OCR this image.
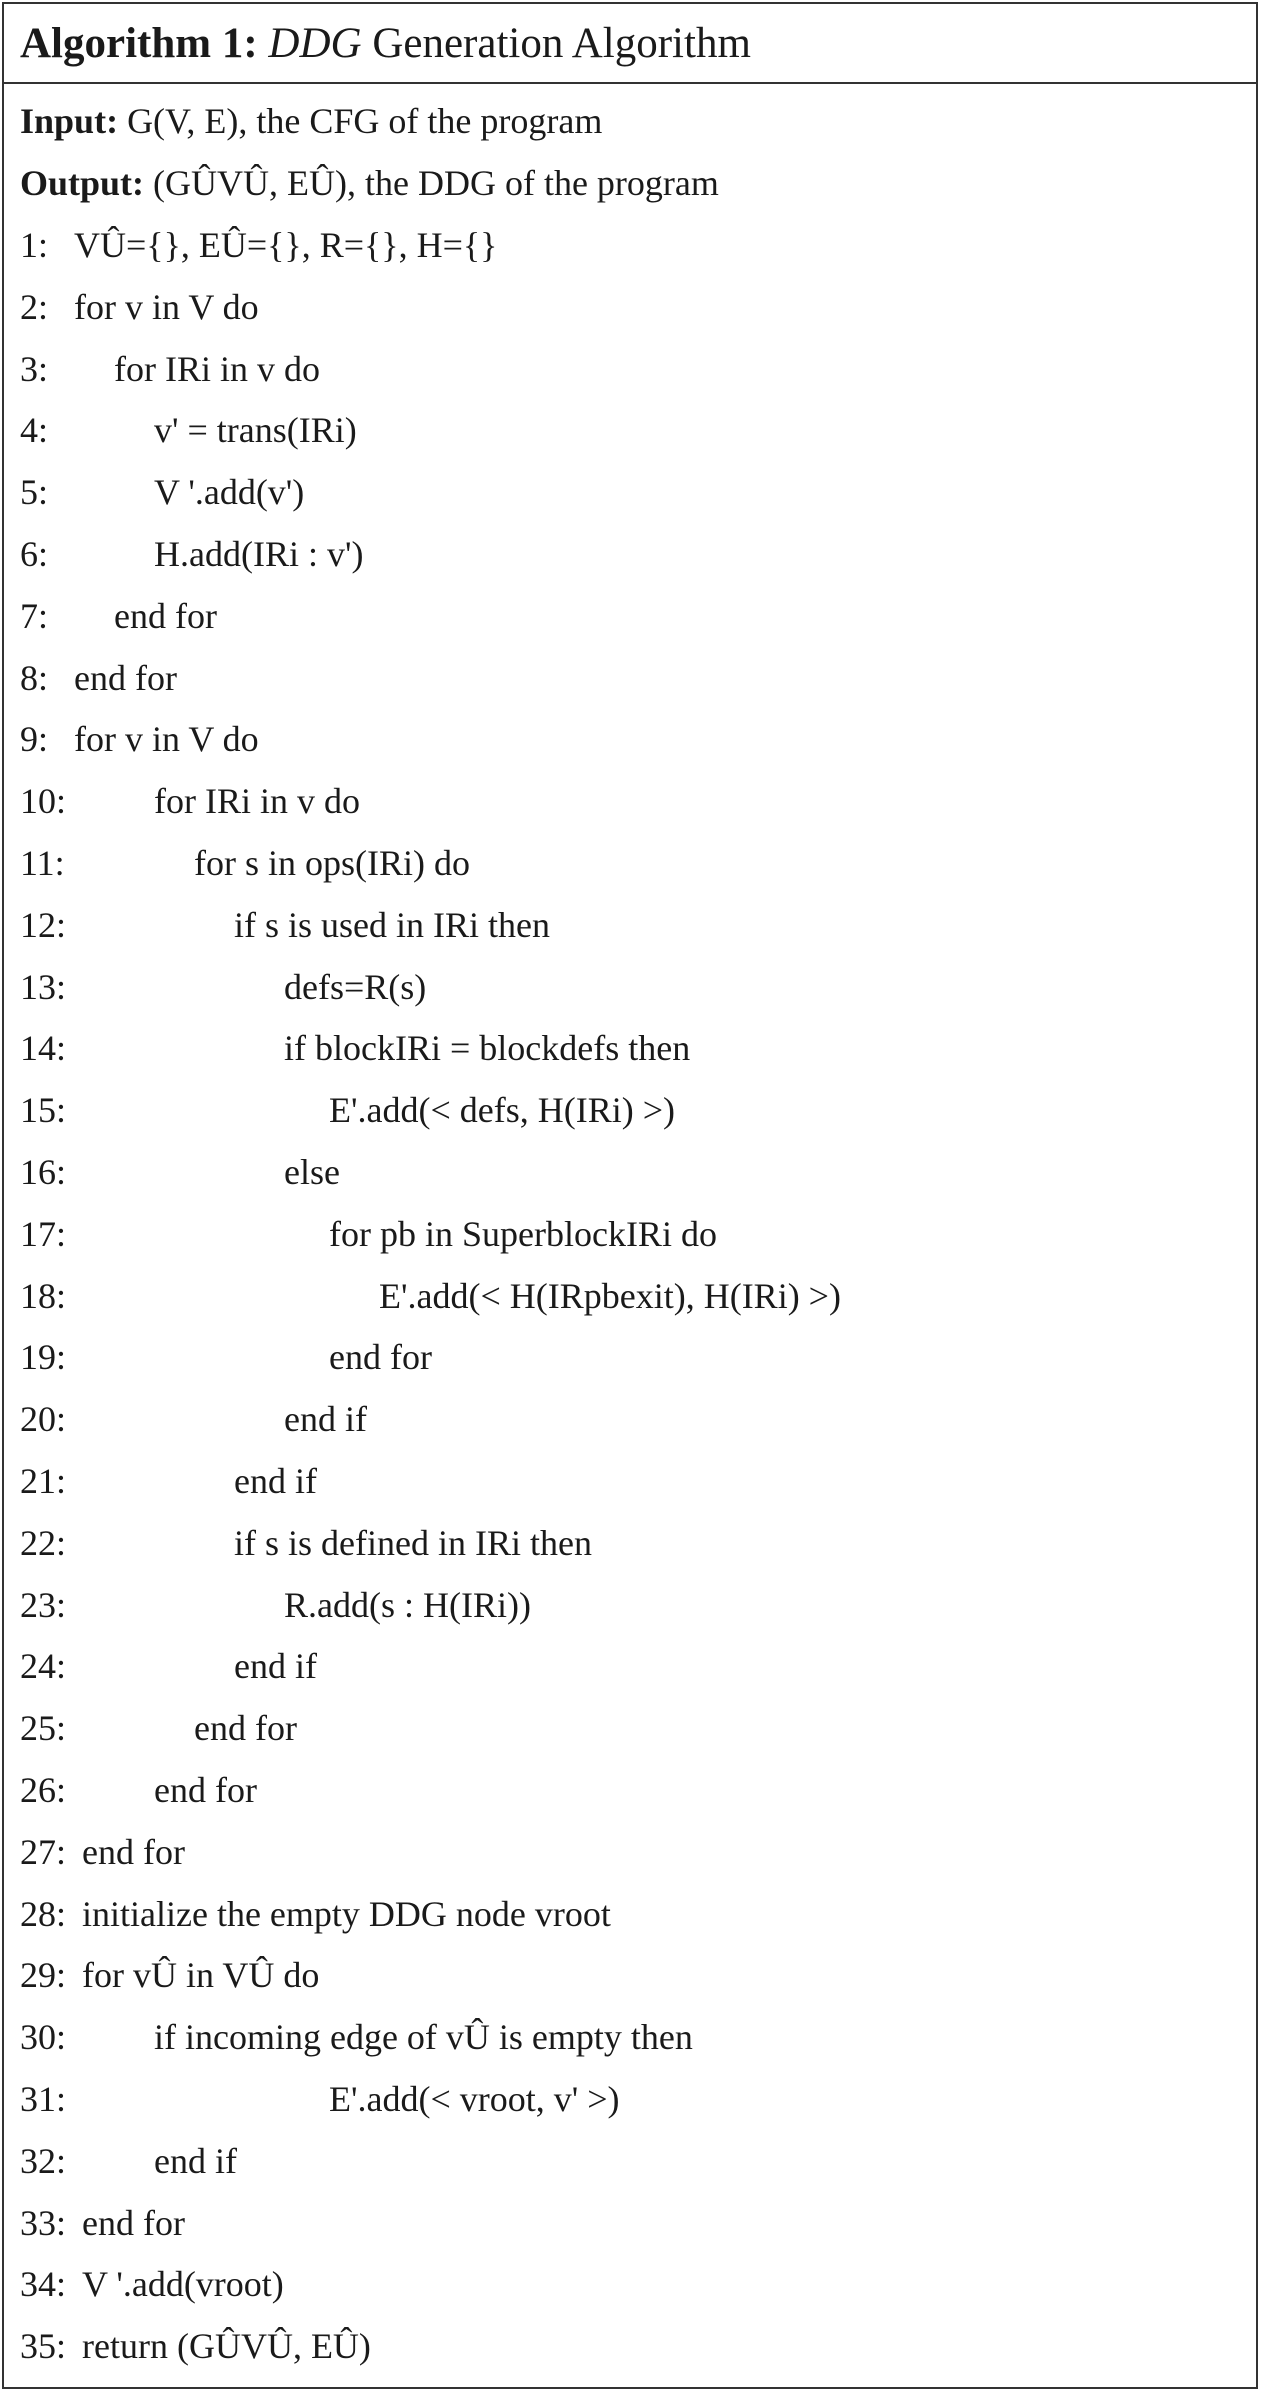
Algorithm 1: DDG Generation Algorithm
Input: G(V, E), the CFG of the program
Output: (GÛVÛ, EÛ), the DDG of the program
1: VÛ={}, EÛ={}, R={}, H={}
2: for v in V do
3: for IRi in v do
4:	v' = trans(IRi)
5:	V '.add(v')
6:	H.add(IRi : v')
7: end for
8: end for
9: for v in V do
10: for IRi in v do
11:	for s in ops(IRi) do
12:	if s is used in IRi then
13:	defs=R(s)
14:	if blockIRi = blockdefs then
15:	E'.add(< defs, H(IRi) >)
16:	else
17:	for pb in SuperblockIRi do
18:	E'.add(< H(IRpbexit), H(IRi) >)
19:	end for
20:	end if
21:	end if
22:	if s is defined in IRi then
23:	R.add(s : H(IRi))
24:	end if
25:	end for
26: end for
27: end for
28: initialize the empty DDG node vroot
29: for vÛ in VÛ do
30: if incoming edge of vÛ is empty then
31:	E'.add(< vroot, v' >)
32: end if
33: end for
34: V '.add(vroot)
35: return (GÛVÛ, EÛ)
